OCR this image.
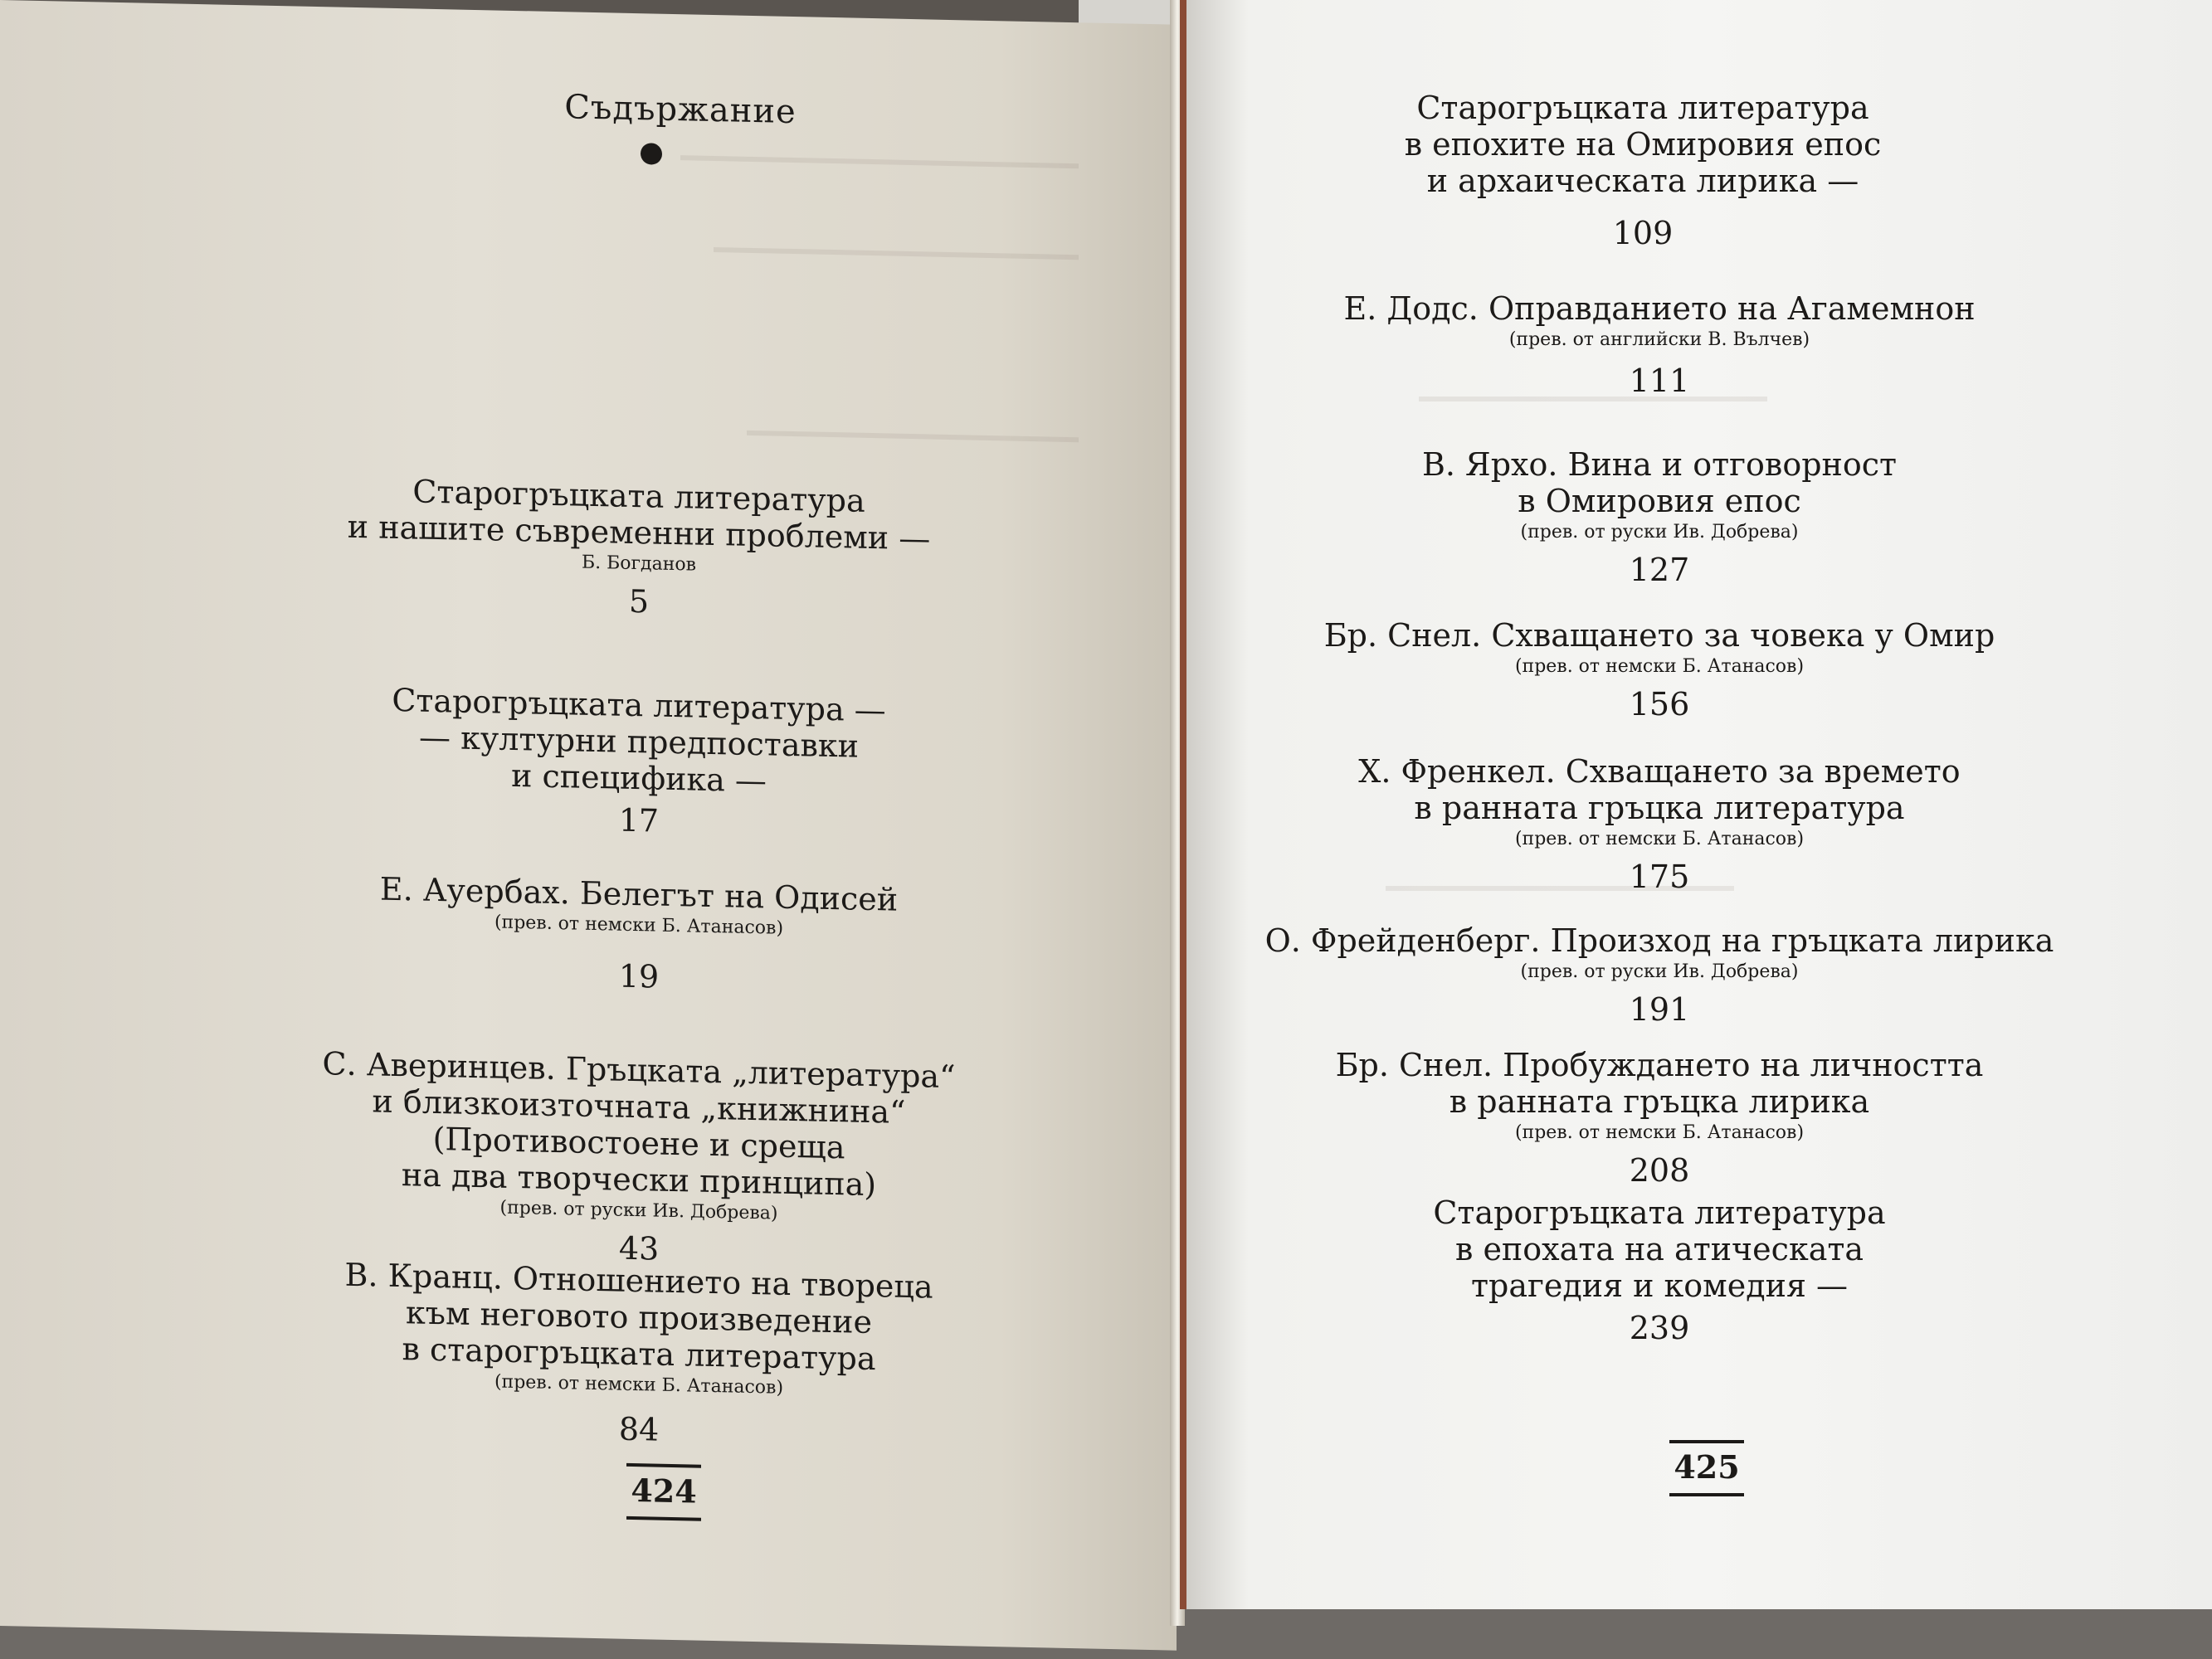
Съдържание
Старогръцката литература
и нашите съвременни проблеми —
Б. Богданов
5
Старогръцката литература —
— културни предпоставки
и специфика —
17
Е. Ауербах. Белегът на Одисей
(прев. от немски Б. Атанасов)
19
С. Аверинцев. Гръцката „литература“
и близкоизточната „книжнина“
(Противостоене и среща
на два творчески принципа)
(прев. от руски Ив. Добрева)
43
В. Кранц. Отношението на твореца
към неговото произведение
в старогръцката литература
(прев. от немски Б. Атанасов)
84
424
Старогръцката литература
в епохите на Омировия епос
и архаическата лирика —
109
Е. Додс. Оправданието на Агамемнон
(прев. от английски В. Вълчев)
111
В. Ярхо. Вина и отговорност
в Омировия епос
(прев. от руски Ив. Добрева)
127
Бр. Снел. Схващането за човека у Омир
(прев. от немски Б. Атанасов)
156
Х. Френкел. Схващането за времето
в ранната гръцка литература
(прев. от немски Б. Атанасов)
175
О. Фрейденберг. Произход на гръцката лирика
(прев. от руски Ив. Добрева)
191
Бр. Снел. Пробуждането на личността
в ранната гръцка лирика
(прев. от немски Б. Атанасов)
208
Старогръцката литература
в епохата на атическата
трагедия и комедия —
239
425
